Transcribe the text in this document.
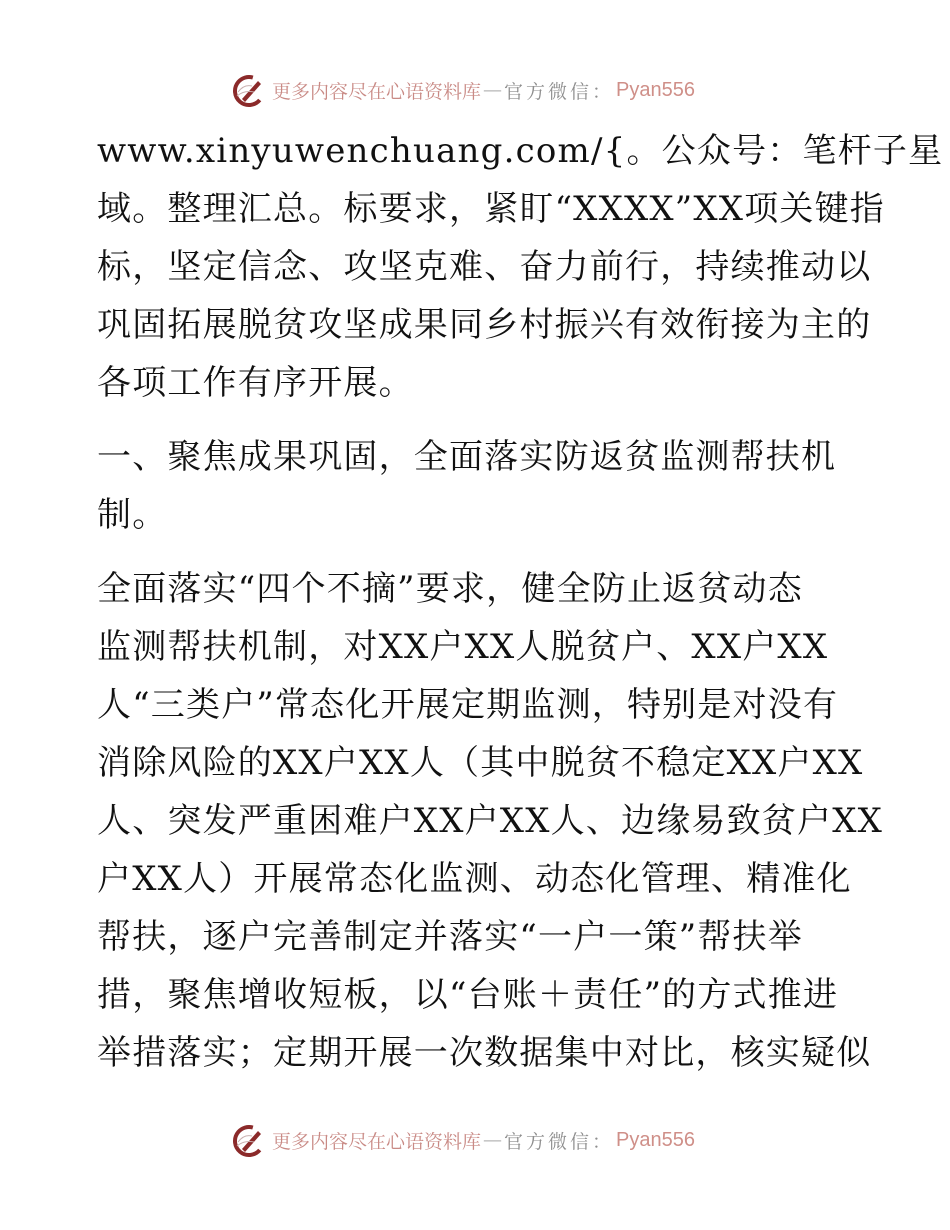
更多内容尽在心语资料库 — 官方微信： Pyan556
www.xinyuwenchuang.com/{。公众号：笔杆子星
域。整理汇总。标要求，紧盯“XXXX”XX项关键指
标，坚定信念、攻坚克难、奋力前行，持续推动以
巩固拓展脱贫攻坚成果同乡村振兴有效衔接为主的
各项工作有序开展。
一、聚焦成果巩固，全面落实防返贫监测帮扶机
制。
全面落实“四个不摘”要求，健全防止返贫动态
监测帮扶机制，对XX户XX人脱贫户、XX户XX
人“三类户”常态化开展定期监测，特别是对没有
消除风险的XX户XX人（其中脱贫不稳定XX户XX
人、突发严重困难户XX户XX人、边缘易致贫户XX
户XX人）开展常态化监测、动态化管理、精准化
帮扶，逐户完善制定并落实“一户一策”帮扶举
措，聚焦增收短板，以“台账＋责任”的方式推进
举措落实；定期开展一次数据集中对比，核实疑似
更多内容尽在心语资料库 — 官方微信： Pyan556
